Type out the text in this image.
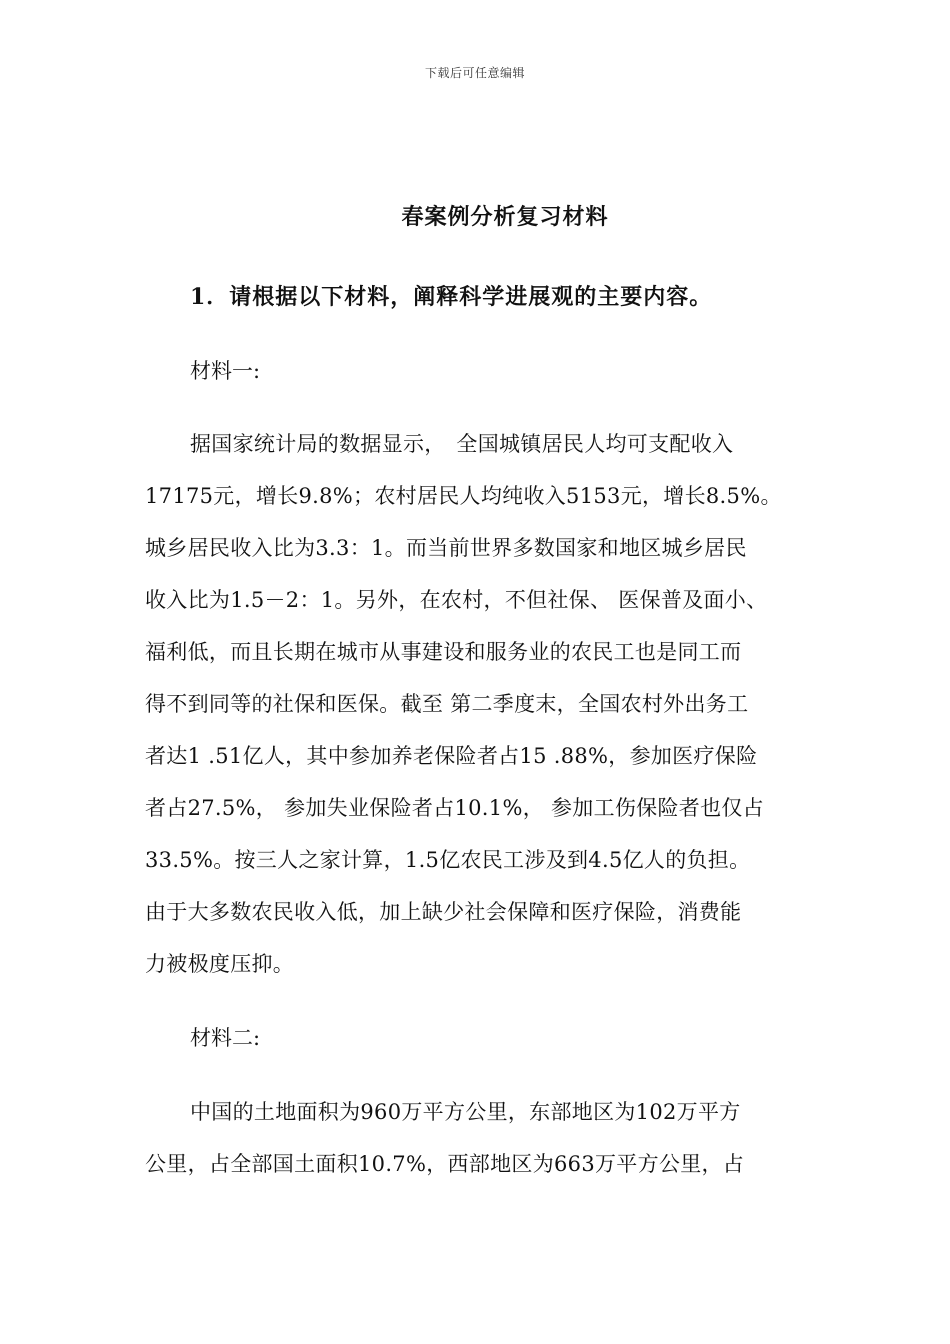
下载后可任意编辑
春案例分析复习材料
1．请根据以下材料，阐释科学进展观的主要内容。
材料一:
据国家统计局的数据显示，　全国城镇居民人均可支配收入
17175元，增长9.8%；农村居民人均纯收入5153元，增长8.5%。
城乡居民收入比为3.3：1。而当前世界多数国家和地区城乡居民
收入比为1.5－2：1。另外，在农村，不但社保、 医保普及面小、
福利低，而且长期在城市从事建设和服务业的农民工也是同工而
得不到同等的社保和医保。截至 第二季度末，全国农村外出务工
者达1 .51亿人，其中参加养老保险者占15 .88%，参加医疗保险
者占27.5%， 参加失业保险者占10.1%， 参加工伤保险者也仅占
33.5%。按三人之家计算，1.5亿农民工涉及到4.5亿人的负担。
由于大多数农民收入低，加上缺少社会保障和医疗保险，消费能
力被极度压抑。
材料二:
中国的土地面积为960万平方公里，东部地区为102万平方
公里，占全部国土面积10.7%，西部地区为663万平方公里，占
